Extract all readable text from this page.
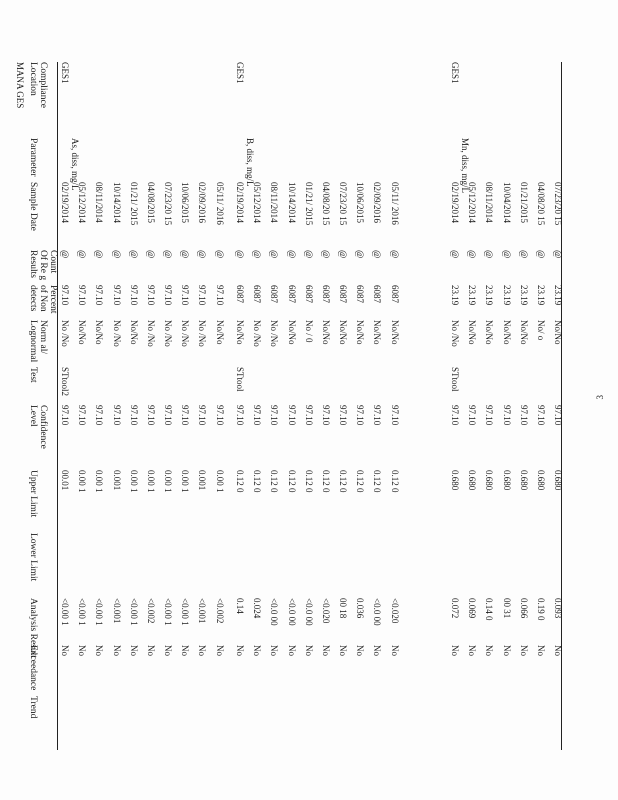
MANA GES
3
Compliance
Location
Parameter
Sample Date
Count
Of Re g
Results
Percent
of Non
detects
Norm al/
Lognormal
Test
Confidence
Level
Upper Limit
Lower Limit
Analysis Result
Exceedance
Trend
GES1
As, diss, mg/L
02/19/2014
@
97.10
No /No
STtool2
97.10
00.01
<0.00 1
No
05/12/2014
@
97.10
No/No
97.10
0.00 1
<0.00 1
No
08/11/2014
@
97.10
No/No
97.10
0.00 1
<0.00 1
No
10/14/2014
@
97.10
No /No
97.10
0.001
<0.001
No
01/21/ 2015
@
97.10
No/No
97.10
0.00 1
<0.00 1
No
04/08/2015
@
97.10
No /No
97.10
0.00 1
<0.002
No
07/23/20 15
@
97.10
No /No
97.10
0.00 1
<0.00 1
No
10/06/2015
@
97.10
No /No
97.10
0.00 1
<0.00 1
No
02/09/2016
@
97.10
No /No
97.10
0.001
<0.001
No
05/11/ 2016
@
97.10
No/No
97.10
0.00 1
<0.002
No
GES1
B, diss, mg/L
02/19/2014
@
6087
No/No
STtool
97.10
0.12 0
0.14
No
05/12/2014
@
6087
No /No
97.10
0.12 0
0.024
No
08/11/2014
@
6087
No /No
97.10
0.12 0
<0.0 00
No
10/14/2014
@
6087
No/No
97.10
0.12 0
<0.0 00
No
01/21/ 2015
@
6087
No / 0
97.10
0.12 0
<0.0 00
No
04/08/20 15
@
6087
No/No
97.10
0.12 0
<0.020
No
07/23/20 15
@
6087
No/No
97.10
0.12 0
00 18
No
10/06/2015
@
6087
No/No
97.10
0.12 0
0.036
No
02/09/2016
@
6087
No/No
97.10
0.12 0
<0.0 00
No
05/11/ 2016
@
6087
No/No
97.10
0.12 0
<0.020
No
GES1
Mn, diss, mg/L
02/19/2014
@
23.19
No /No
STtool
97.10
0.680
0.072
No
05/12/2014
@
23.19
No/No
97.10
0.680
0.069
No
08/11/2014
@
23.19
No/No
97.10
0.680
0.14 0
No
10/04/2014
@
23.19
No/No
97.10
0.680
00 31
No
01/21/2015
@
23.19
No/No
97.10
0.680
0.066
No
04/08/20 15
@
23.19
No/ o
97.10
0.680
0.19 0
No
07/23/20 15
@
23.19
No/No
97.10
0.680
0.093
No
